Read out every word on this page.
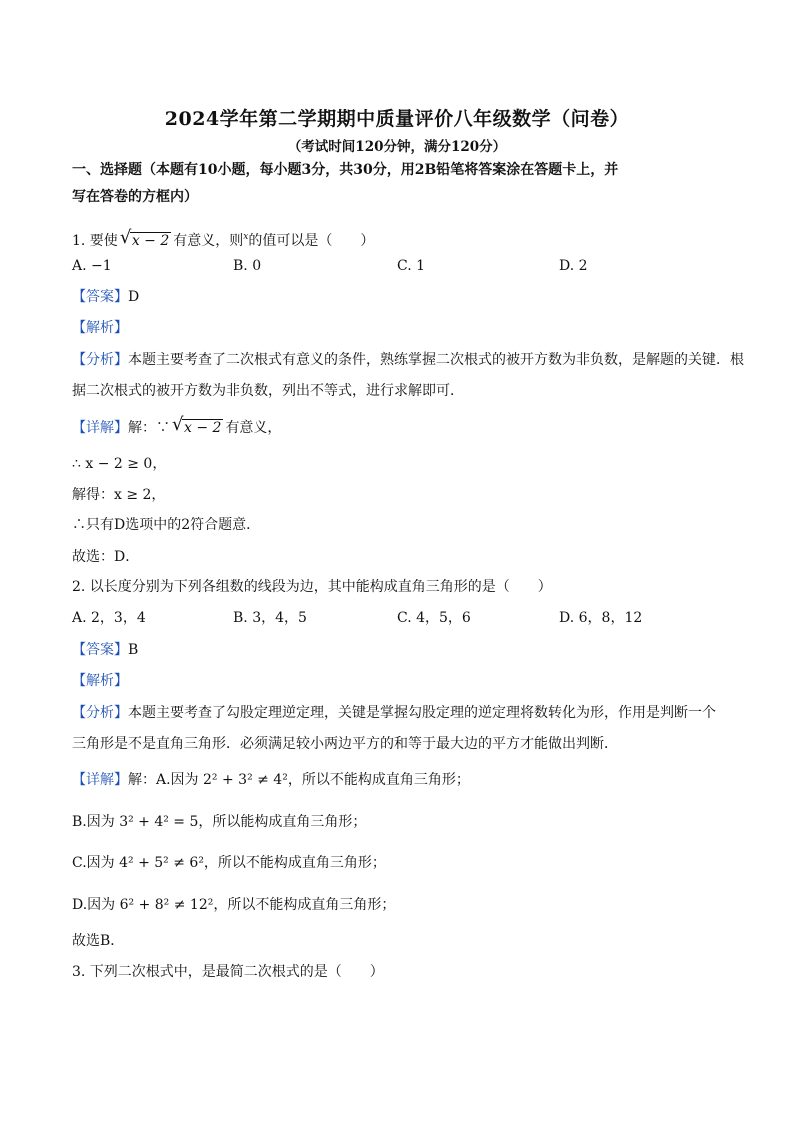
2024学年第二学期期中质量评价八年级数学（问卷）
（考试时间120分钟，满分120分）
一、选择题（本题有10小题，每小题3分，共30分，用2B铅笔将答案涂在答题卡上，并
写在答卷的方框内）
1. 要使 √ x − 2 有意义，则$^x$的值可以是（　　）
A. −1	B. 0	C. 1	D. 2
【答案】D
【解析】
【分析】本题主要考查了二次根式有意义的条件，熟练掌握二次根式的被开方数为非负数，是解题的关键．根
据二次根式的被开方数为非负数，列出不等式，进行求解即可．
【详解】解：∵ √ x − 2 有意义，
∴ x − 2 ≥ 0，
解得：x ≥ 2，
∴只有D选项中的2符合题意．
故选：D．
2. 以长度分别为下列各组数的线段为边，其中能构成直角三角形的是（　　）
A. 2，3，4	B. 3，4，5	C. 4，5，6	D. 6，8，12
【答案】B
【解析】
【分析】本题主要考查了勾股定理逆定理，关键是掌握勾股定理的逆定理将数转化为形，作用是判断一个
三角形是不是直角三角形．必须满足较小两边平方的和等于最大边的平方才能做出判断．
【详解】解：A.因为 2² + 3² ≠ 4²，所以不能构成直角三角形；
B.因为 3² + 4² = 5，所以能构成直角三角形；
C.因为 4² + 5² ≠ 6²，所以不能构成直角三角形；
D.因为 6² + 8² ≠ 12²，所以不能构成直角三角形；
故选B．
3. 下列二次根式中，是最简二次根式的是（　　）
